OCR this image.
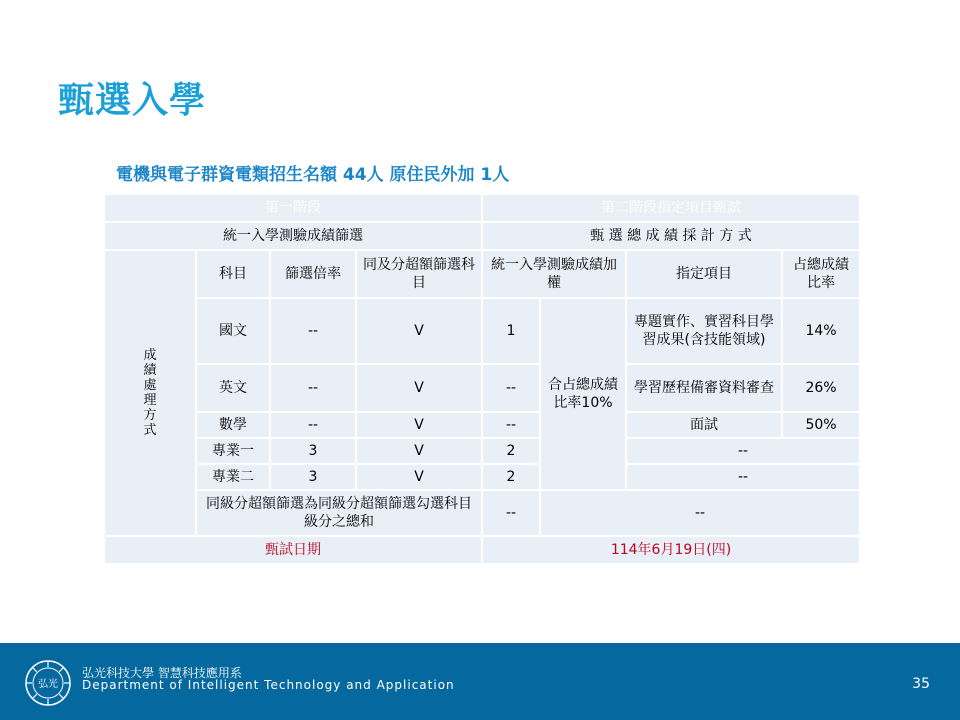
甄選入學
電機與電子群資電類招生名額 44人 原住民外加 1人
第一階段				第二階段指定項目甄試			
統一入學測驗成績篩選				甄 選 總 成 績 採 計 方 式			
成績處理方式	科目	篩選倍率	同及分超額篩選科目	統一入學測驗成績加權		指定項目	占總成績比率
	國文	--	V	1	合占總成績比率10%	專題實作、實習科目學習成果(含技能領域)	14%
	英文	--	V	--		學習歷程備審資料審查	26%
	數學	--	V	--		面試	50%
	專業一	3	V	2		--	
	專業二	3	V	2		--	
	同級分超額篩選為同級分超額篩選勾選科目級分之總和			--	--		
甄試日期				114年6月19日(四)			
弘光
弘光科技大學 智慧科技應用系
Department of Intelligent Technology and Application	35
